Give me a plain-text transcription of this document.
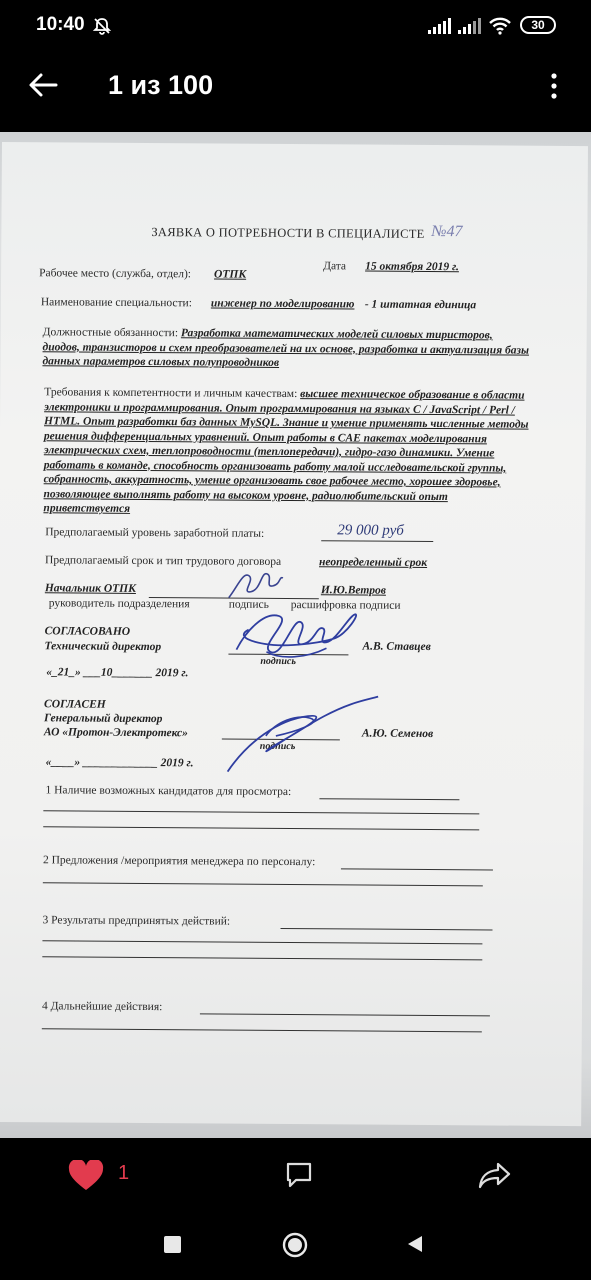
10:40	30
1 из 100
ЗАЯВКА О ПОТРЕБНОСТИ В СПЕЦИАЛИСТЕ №47
Дата 15 октября 2019 г.
Рабочее место (служба, отдел): ОТПК
Наименование специальности: инженер по моделированию - 1 штатная единица
Должностные обязанности: Разработка математических моделей силовых тиристоров,
диодов, транзисторов и схем преобразователей на их основе, разработка и актуализация базы
данных параметров силовых полупроводников
Требования к компетентности и личным качествам: высшее техническое образование в области
электроники и программирования. Опыт программирования на языках C / JavaScript / Perl /
HTML. Опыт разработки баз данных MySQL. Знание и умение применять численные методы
решения дифференциальных уравнений. Опыт работы в CAE пакетах моделирования
электрических схем, теплопроводности (теплопередачи), гидро-газо динамики. Умение
работать в команде, способность организовать работу малой исследовательской группы,
собранность, аккуратность, умение организовать свое рабочее место, хорошее здоровье,
позволяющее выполнять работу на высоком уровне, радиолюбительский опыт
приветствуется
Предполагаемый уровень заработной платы:	29 000 руб
Предполагаемый срок и тип трудового договора	неопределенный срок
Начальник ОТПК	И.Ю.Ветров
руководитель подразделения	подпись расшифровка подписи
СОГЛАСОВАНО
Технический директор	А.В. Ставцев
подпись
«_21_» ___10_______ 2019 г.
СОГЛАСЕН
Генеральный директор
АО «Протон-Электротекс»	А.Ю. Семенов
подпись
«____» _____________ 2019 г.
1 Наличие возможных кандидатов для просмотра:
2 Предложения /мероприятия менеджера по персоналу:
3 Результаты предпринятых действий:
4 Дальнейшие действия:
1
